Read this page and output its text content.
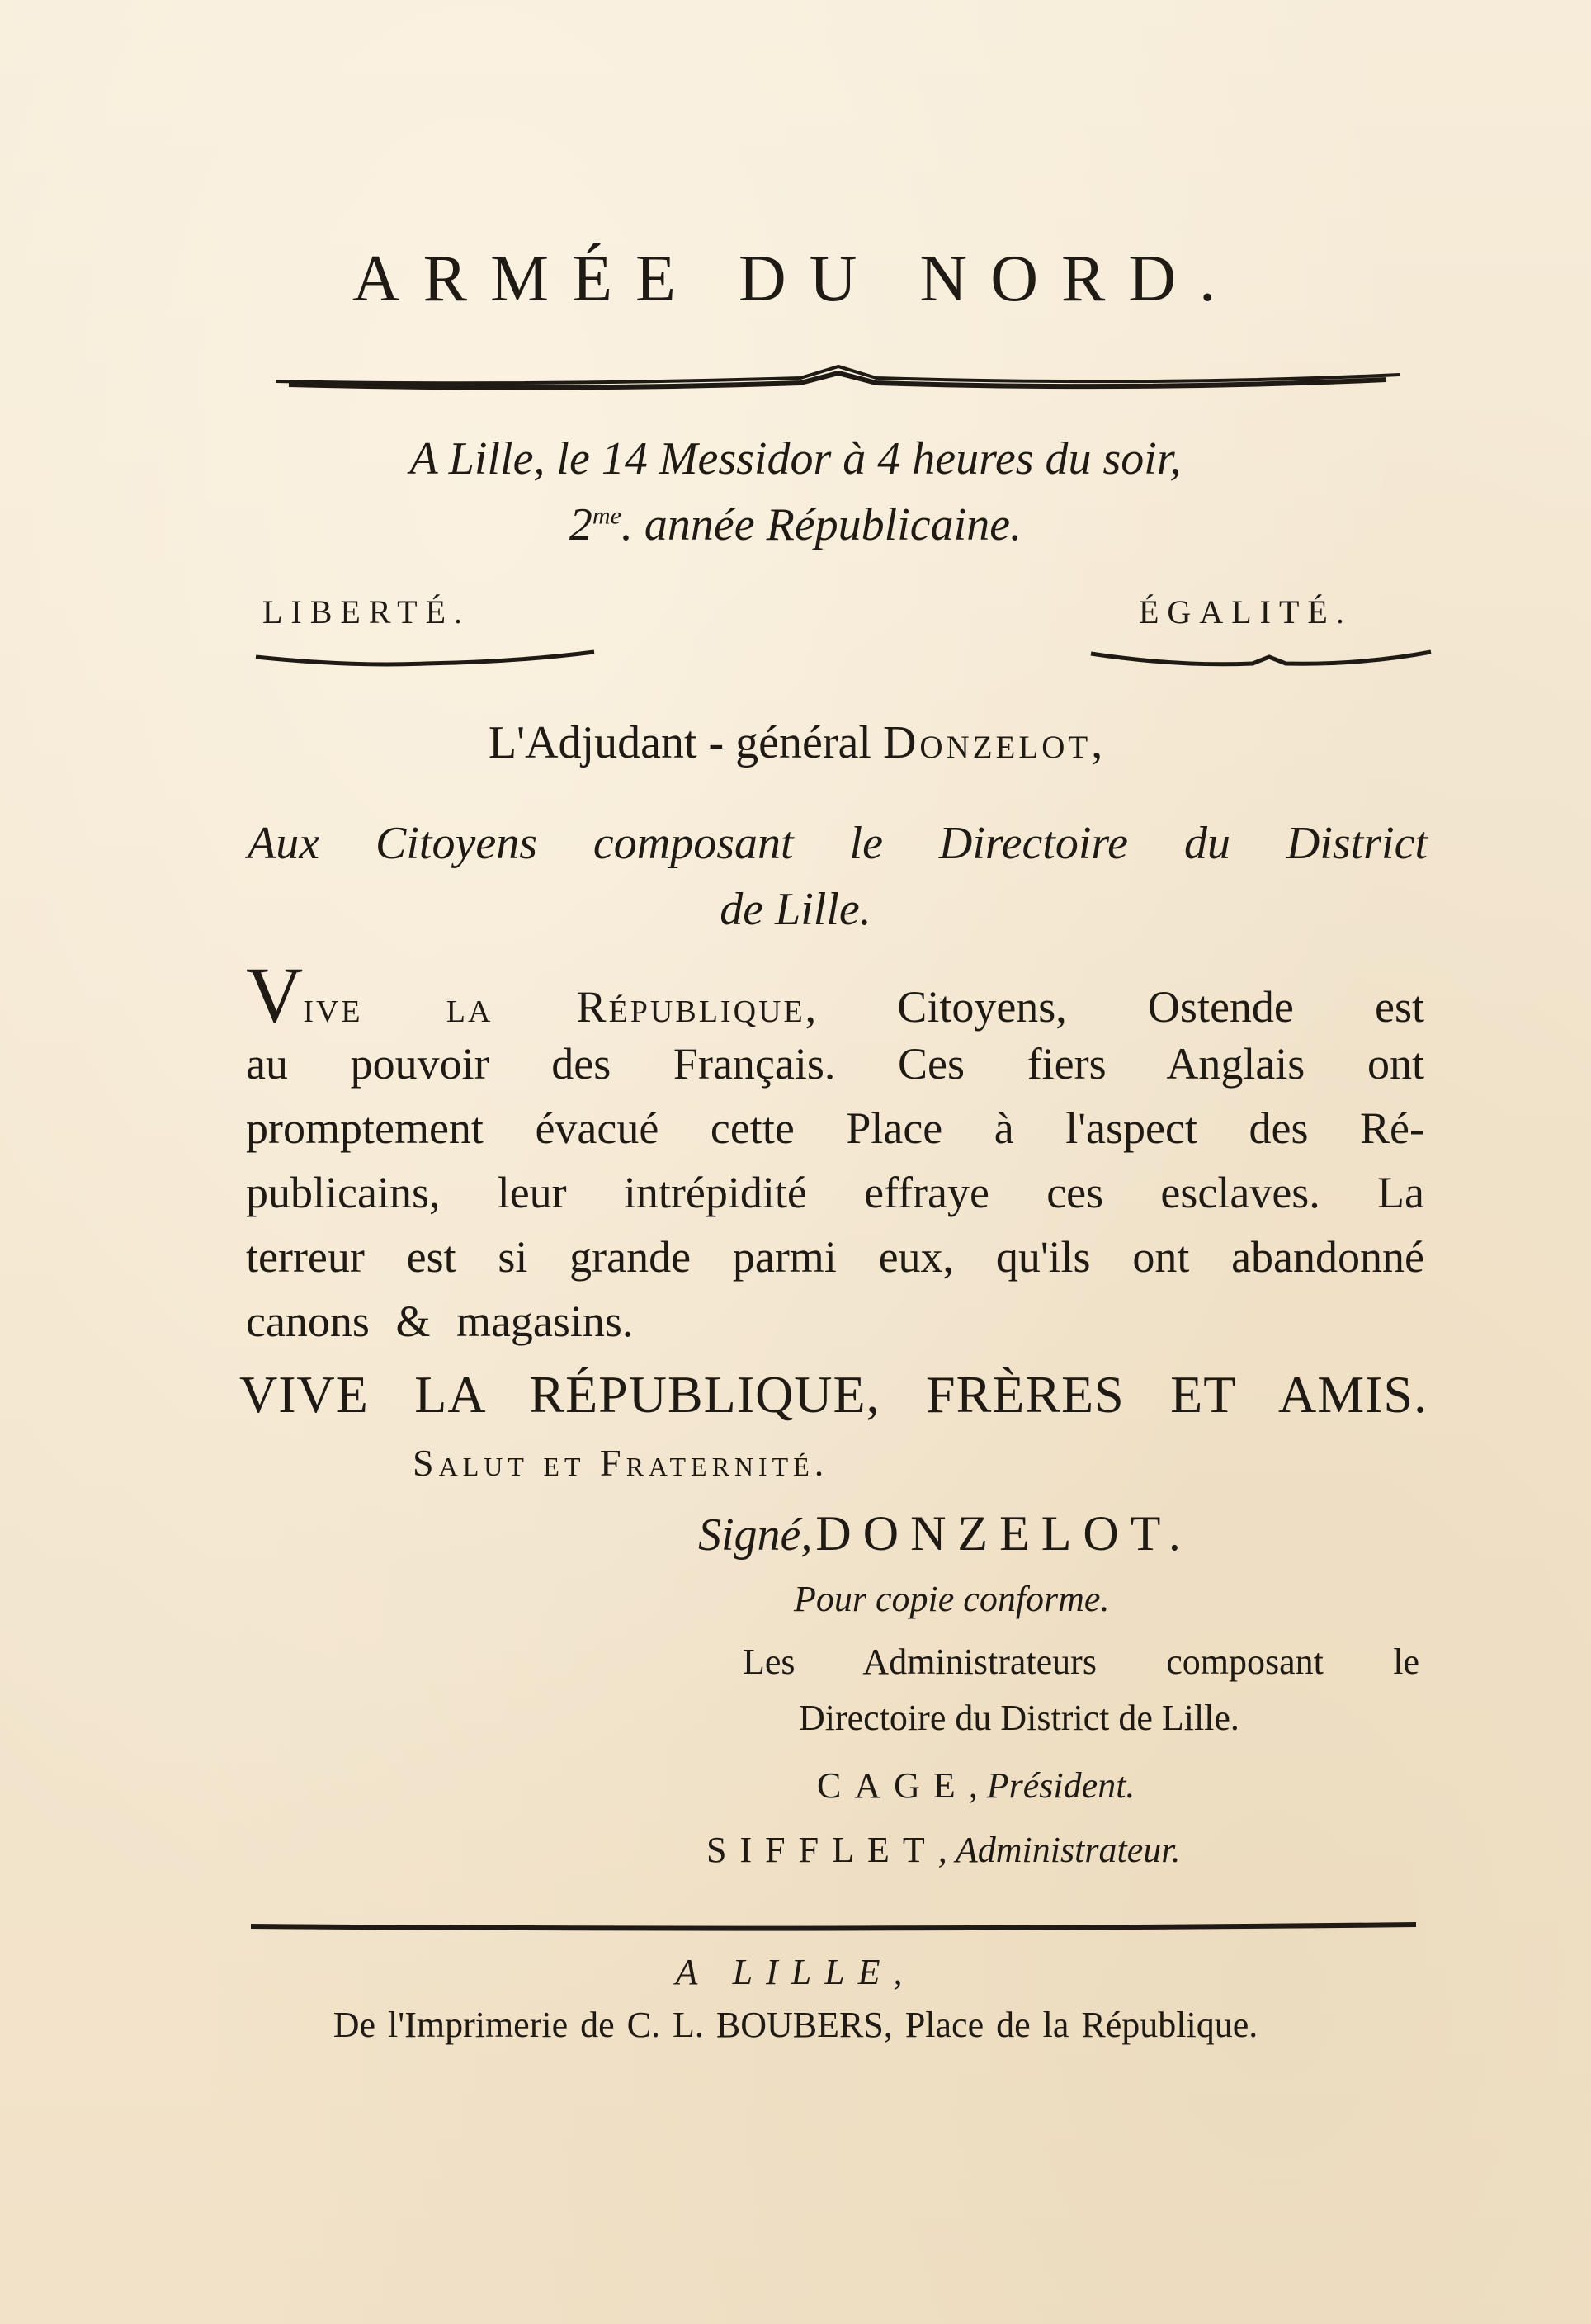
ARMÉE DU NORD.
A Lille, le 14 Messidor à 4 heures du soir,
$2^{me}$. année Républicaine.
LIBERTÉ.	ÉGALITÉ.
L'Adjudant - général Donzelot,
Aux Citoyens composant le Directoire du District
de Lille.
Vive la République, Citoyens, Ostende est
au pouvoir des Français. Ces fiers Anglais ont
promptement évacué cette Place à l'aspect des Ré-
publicains, leur intrépidité effraye ces esclaves. La
terreur est si grande parmi eux, qu'ils ont abandonné
canons & magasins.
VIVE LA RÉPUBLIQUE, FRÈRES ET AMIS.
Salut et Fraternité.
Signé, DONZELOT.
Pour copie conforme.
Les Administrateurs composant le
Directoire du District de Lille.
CAGE, Président.
SIFFLET, Administrateur.
A LILLE,
De l'Imprimerie de C. L. BOUBERS, Place de la République.
